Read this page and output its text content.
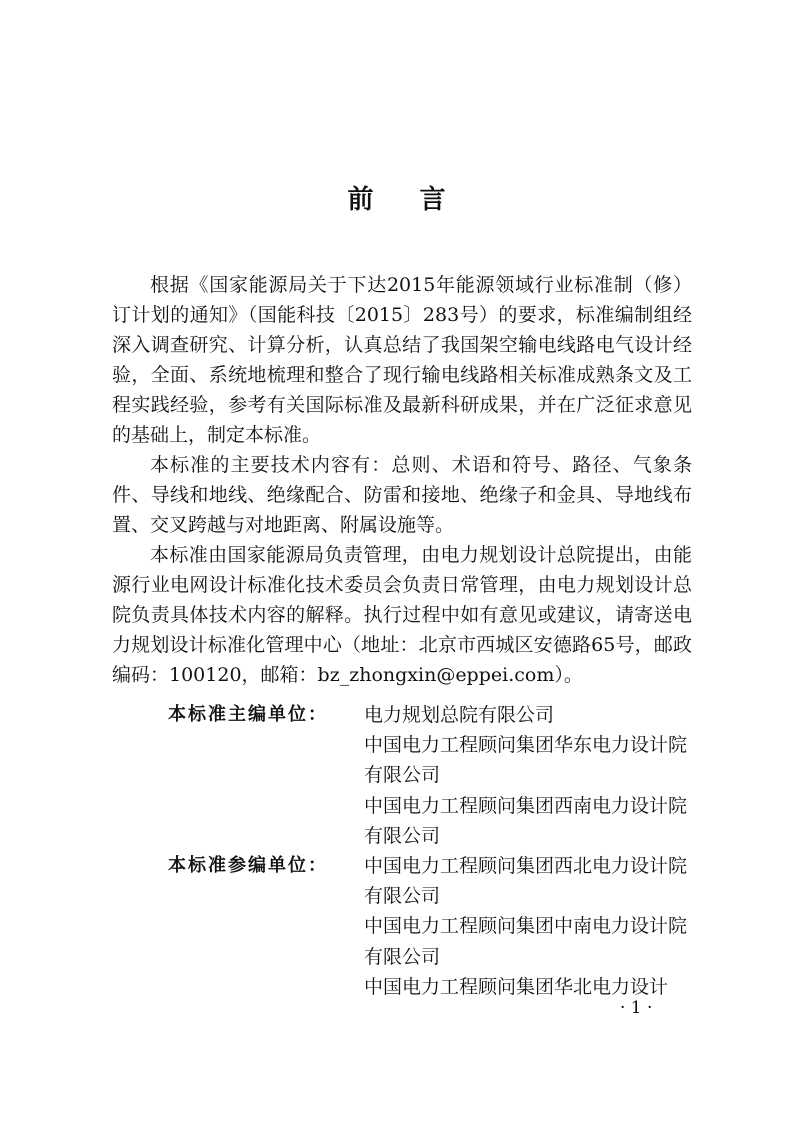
前言

根据《国家能源局关于下达2015年能源领域行业标准制（修）订计划的通知》（国能科技〔2015〕283号）的要求，标准编制组经深入调查研究、计算分析，认真总结了我国架空输电线路电气设计经验，全面、系统地梳理和整合了现行输电线路相关标准成熟条文及工程实践经验，参考有关国际标准及最新科研成果，并在广泛征求意见的基础上，制定本标准。

本标准的主要技术内容有：总则、术语和符号、路径、气象条件、导线和地线、绝缘配合、防雷和接地、绝缘子和金具、导地线布置、交叉跨越与对地距离、附属设施等。

本标准由国家能源局负责管理，由电力规划设计总院提出，由能源行业电网设计标准化技术委员会负责日常管理，由电力规划设计总院负责具体技术内容的解释。执行过程中如有意见或建议，请寄送电力规划设计标准化管理中心（地址：北京市西城区安德路65号，邮政编码：100120，邮箱：bz_zhongxin@eppei.com）。

本标准主编单位：	电力规划总院有限公司
中国电力工程顾问集团华东电力设计院有限公司
中国电力工程顾问集团西南电力设计院有限公司
本标准参编单位：	中国电力工程顾问集团西北电力设计院有限公司
中国电力工程顾问集团中南电力设计院有限公司
中国电力工程顾问集团华北电力设计
· 1 ·
